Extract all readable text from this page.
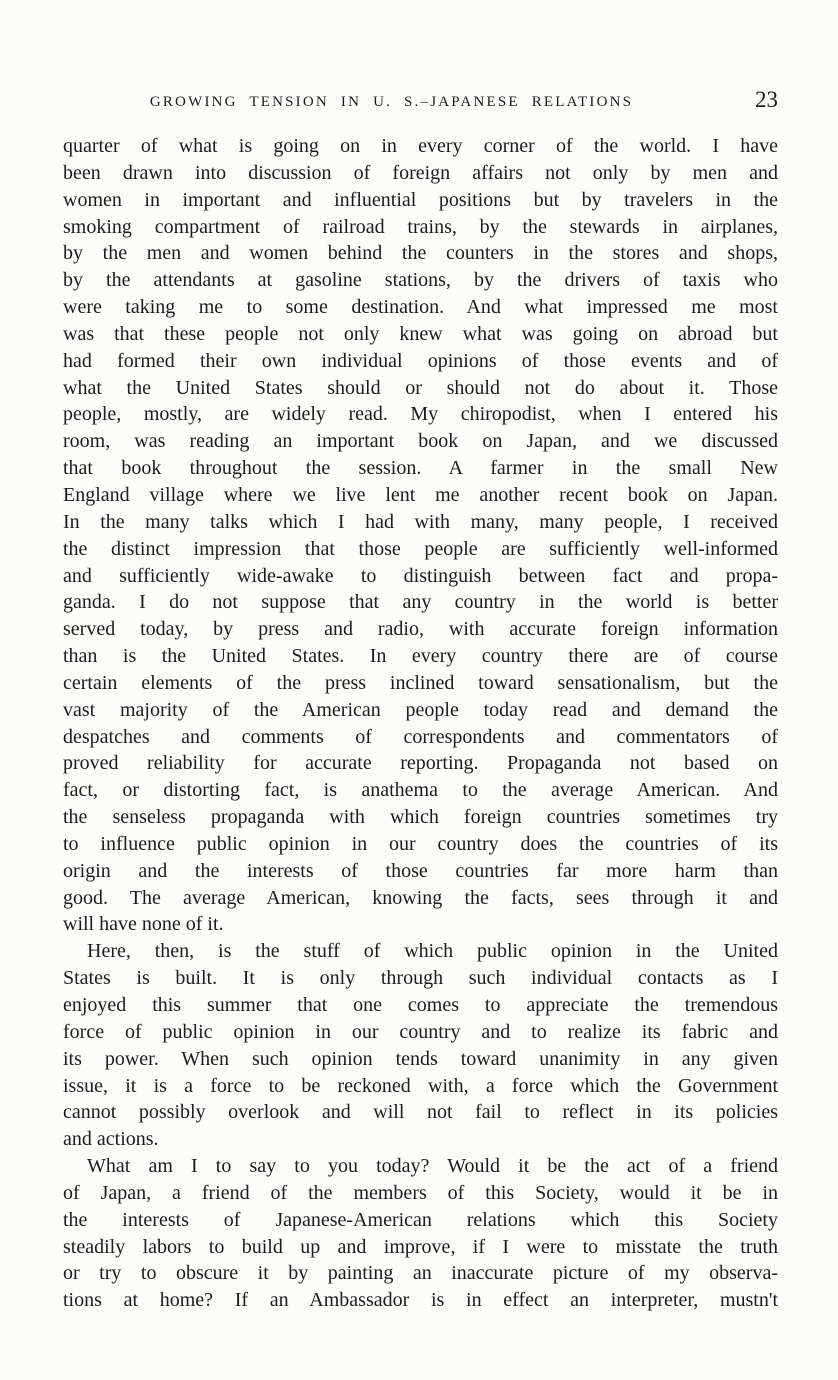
GROWING TENSION IN U. S.–JAPANESE RELATIONS	23
quarter of what is going on in every corner of the world. I have
been drawn into discussion of foreign affairs not only by men and
women in important and influential positions but by travelers in the
smoking compartment of railroad trains, by the stewards in airplanes,
by the men and women behind the counters in the stores and shops,
by the attendants at gasoline stations, by the drivers of taxis who
were taking me to some destination. And what impressed me most
was that these people not only knew what was going on abroad but
had formed their own individual opinions of those events and of
what the United States should or should not do about it. Those
people, mostly, are widely read. My chiropodist, when I entered his
room, was reading an important book on Japan, and we discussed
that book throughout the session. A farmer in the small New
England village where we live lent me another recent book on Japan.
In the many talks which I had with many, many people, I received
the distinct impression that those people are sufficiently well-informed
and sufficiently wide-awake to distinguish between fact and propa-
ganda. I do not suppose that any country in the world is better
served today, by press and radio, with accurate foreign information
than is the United States. In every country there are of course
certain elements of the press inclined toward sensationalism, but the
vast majority of the American people today read and demand the
despatches and comments of correspondents and commentators of
proved reliability for accurate reporting. Propaganda not based on
fact, or distorting fact, is anathema to the average American. And
the senseless propaganda with which foreign countries sometimes try
to influence public opinion in our country does the countries of its
origin and the interests of those countries far more harm than
good. The average American, knowing the facts, sees through it and
will have none of it.
Here, then, is the stuff of which public opinion in the United
States is built. It is only through such individual contacts as I
enjoyed this summer that one comes to appreciate the tremendous
force of public opinion in our country and to realize its fabric and
its power. When such opinion tends toward unanimity in any given
issue, it is a force to be reckoned with, a force which the Government
cannot possibly overlook and will not fail to reflect in its policies
and actions.
What am I to say to you today? Would it be the act of a friend
of Japan, a friend of the members of this Society, would it be in
the interests of Japanese-American relations which this Society
steadily labors to build up and improve, if I were to misstate the truth
or try to obscure it by painting an inaccurate picture of my observa-
tions at home? If an Ambassador is in effect an interpreter, mustn't
